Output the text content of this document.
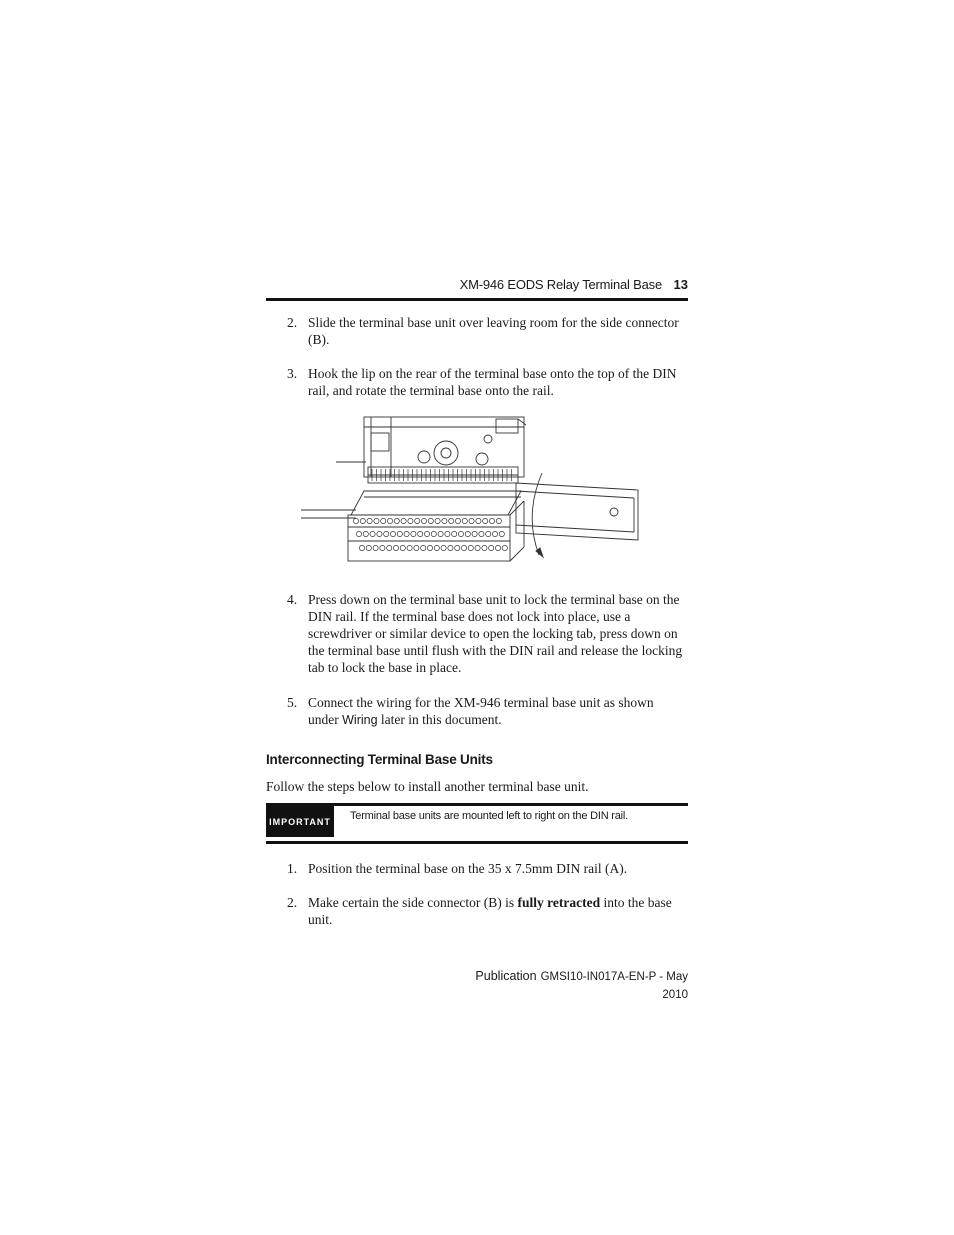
XM-946 EODS Relay Terminal Base 13
2. Slide the terminal base unit over leaving room for the side connector (B).
3. Hook the lip on the rear of the terminal base onto the top of the DIN rail, and rotate the terminal base onto the rail.
4. Press down on the terminal base unit to lock the terminal base on the DIN rail. If the terminal base does not lock into place, use a screwdriver or similar device to open the locking tab, press down on the terminal base until flush with the DIN rail and release the locking tab to lock the base in place.
5. Connect the wiring for the XM-946 terminal base unit as shown under Wiring later in this document.
Interconnecting Terminal Base Units
Follow the steps below to install another terminal base unit.
IMPORTANT Terminal base units are mounted left to right on the DIN rail.
1. Position the terminal base on the 35 x 7.5mm DIN rail (A).
2. Make certain the side connector (B) is fully retracted into the base unit.
Publication GMSI10-IN017A-EN-P - May 2010
